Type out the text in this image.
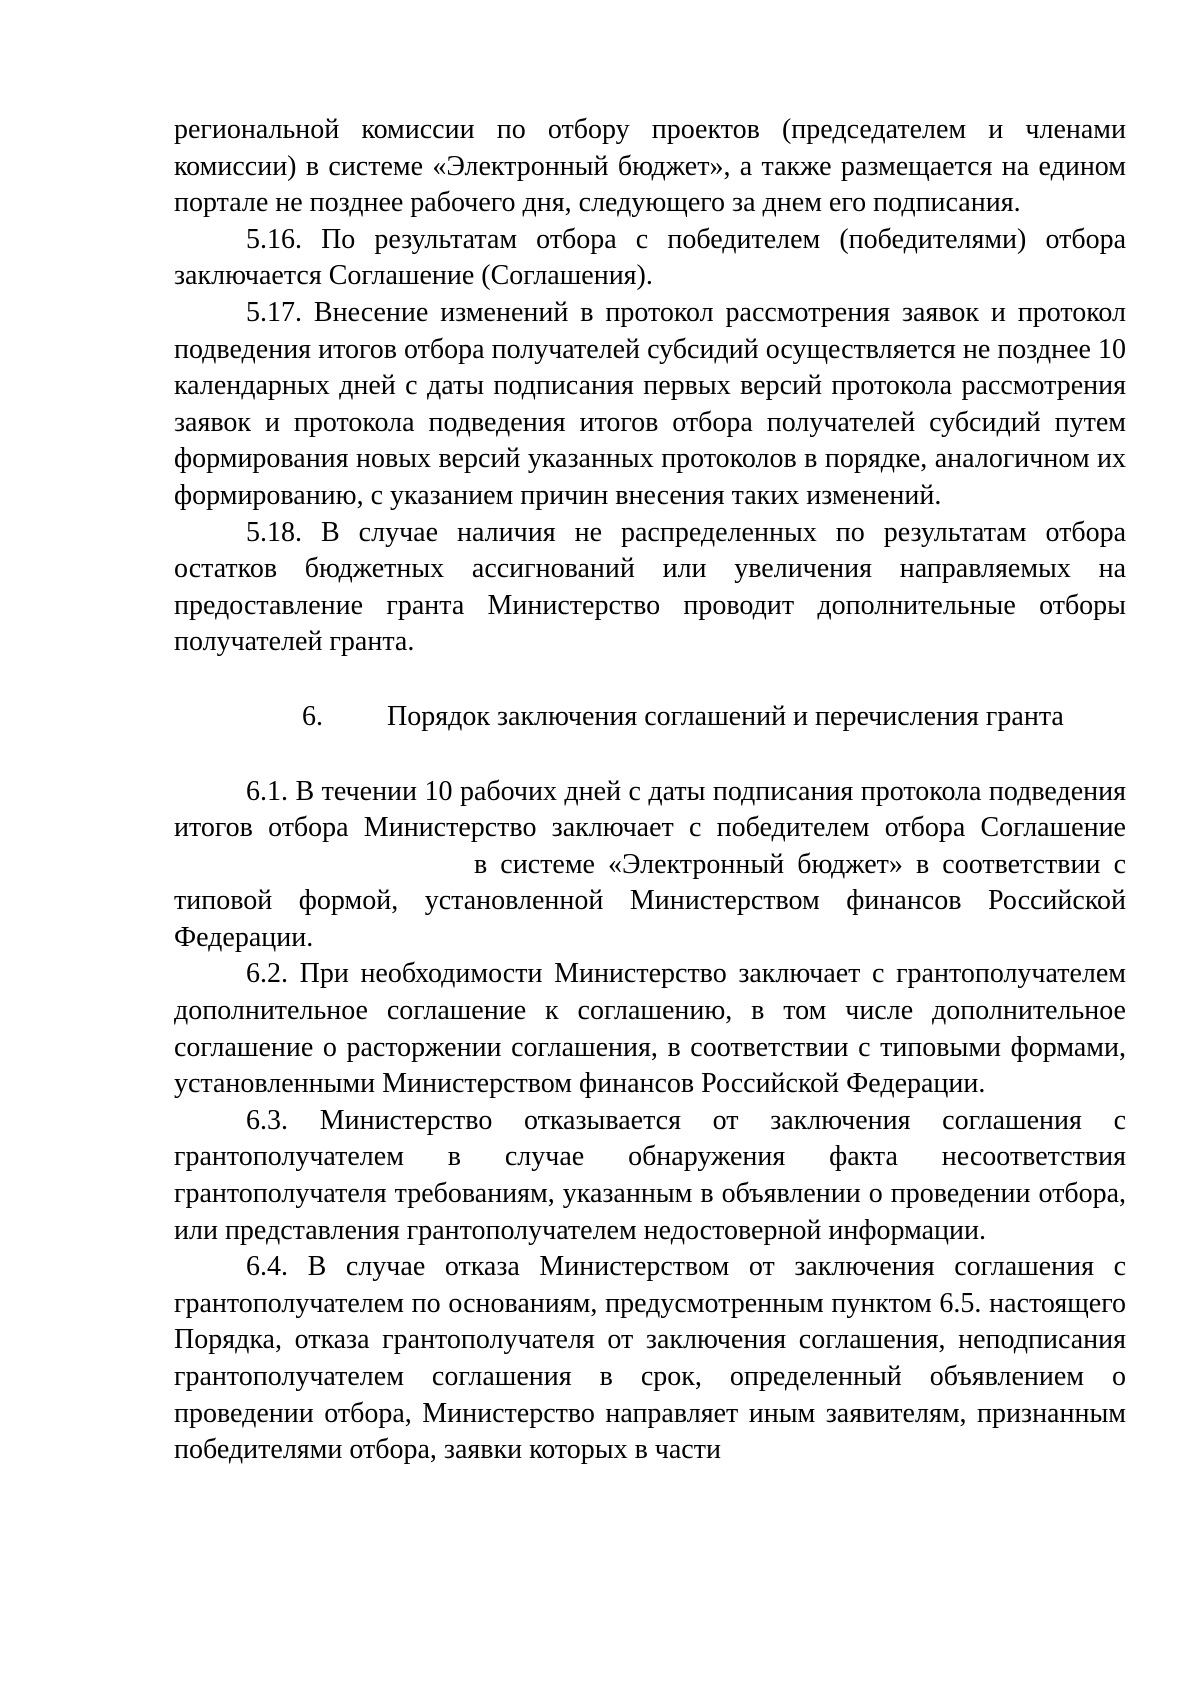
региональной комиссии по отбору проектов (председателем и членами комиссии) в системе «Электронный бюджет», а также размещается на едином портале не позднее рабочего дня, следующего за днем его подписания.

5.16. По результатам отбора с победителем (победителями) отбора заключается Соглашение (Соглашения).

5.17. Внесение изменений в протокол рассмотрения заявок и протокол подведения итогов отбора получателей субсидий осуществляется не позднее 10 календарных дней с даты подписания первых версий протокола рассмотрения заявок и протокола подведения итогов отбора получателей субсидий путем формирования новых версий указанных протоколов в порядке, аналогичном их формированию, с указанием причин внесения таких изменений.

5.18. В случае наличия не распределенных по результатам отбора остатков бюджетных ассигнований или увеличения направляемых на предоставление гранта Министерство проводит дополнительные отборы получателей гранта.

6.	Порядок заключения соглашений и перечисления гранта

6.1. В течении 10 рабочих дней с даты подписания протокола подведения итогов отбора Министерство заключает с победителем отбора Соглашениев системе «Электронный бюджет» в соответствии с типовой формой, установленной Министерством финансов Российской Федерации.

6.2. При необходимости Министерство заключает с грантополучателем дополнительное соглашение к соглашению, в том числе дополнительное соглашение о расторжении соглашения, в соответствии с типовыми формами, установленными Министерством финансов Российской Федерации.

6.3. Министерство отказывается от заключения соглашения с грантополучателем в случае обнаружения факта несоответствия грантополучателя требованиям, указанным в объявлении о проведении отбора, или представления грантополучателем недостоверной информации.

6.4. В случае отказа Министерством от заключения соглашения с грантополучателем по основаниям, предусмотренным пунктом 6.5. настоящего Порядка, отказа грантополучателя от заключения соглашения, неподписания грантополучателем соглашения в срок, определенный объявлением о проведении отбора, Министерство направляет иным заявителям, признанным победителями отбора, заявки которых в части
